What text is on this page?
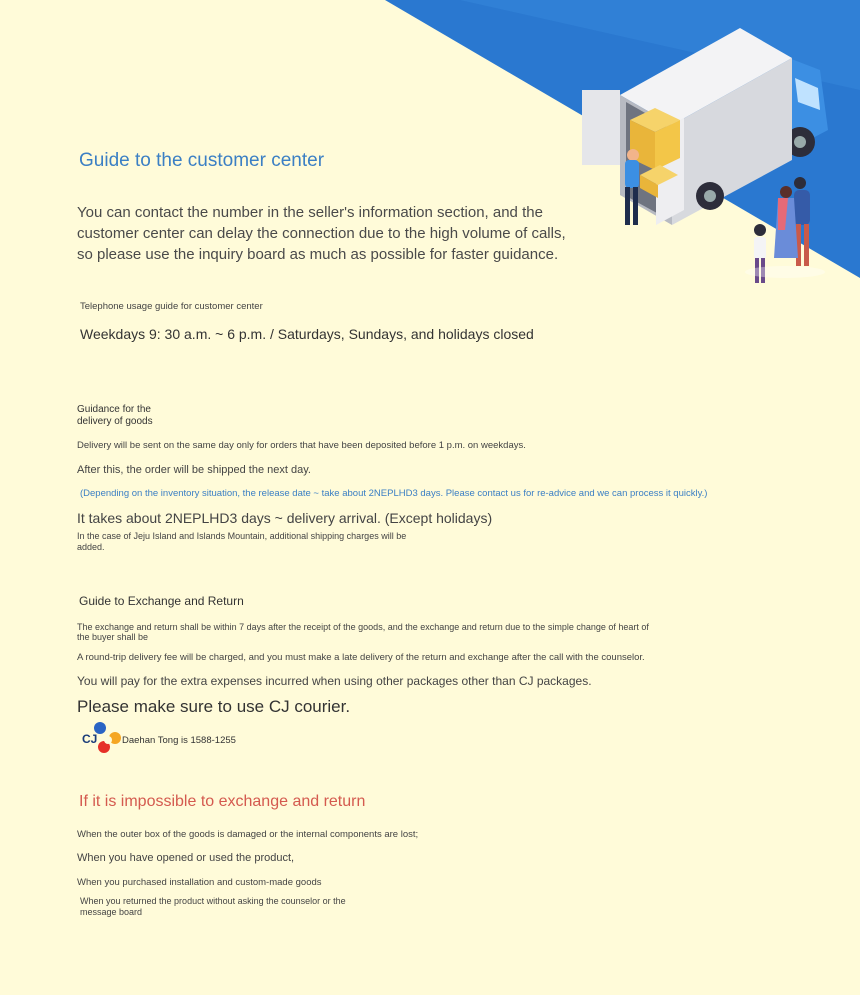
Guide to the customer center
You can contact the number in the seller's information section, and the customer center can delay the connection due to the high volume of calls, so please use the inquiry board as much as possible for faster guidance.
Telephone usage guide for customer center
Weekdays 9: 30 a.m. ~ 6 p.m. / Saturdays, Sundays, and holidays closed
Guidance for the delivery of goods
Delivery will be sent on the same day only for orders that have been deposited before 1 p.m. on weekdays.
After this, the order will be shipped the next day.
(Depending on the inventory situation, the release date ~ take about 2NEPLHD3 days. Please contact us for re-advice and we can process it quickly.)
It takes about 2NEPLHD3 days ~ delivery arrival. (Except holidays)
In the case of Jeju Island and Islands Mountain, additional shipping charges will be added.
Guide to Exchange and Return
The exchange and return shall be within 7 days after the receipt of the goods, and the exchange and return due to the simple change of heart of the buyer shall be
A round-trip delivery fee will be charged, and you must make a late delivery of the return and exchange after the call with the counselor.
You will pay for the extra expenses incurred when using other packages other than CJ packages.
Please make sure to use CJ courier.
CJ	Daehan Tong is 1588-1255
If it is impossible to exchange and return
When the outer box of the goods is damaged or the internal components are lost;
When you have opened or used the product,
When you purchased installation and custom-made goods
When you returned the product without asking the counselor or the message board
